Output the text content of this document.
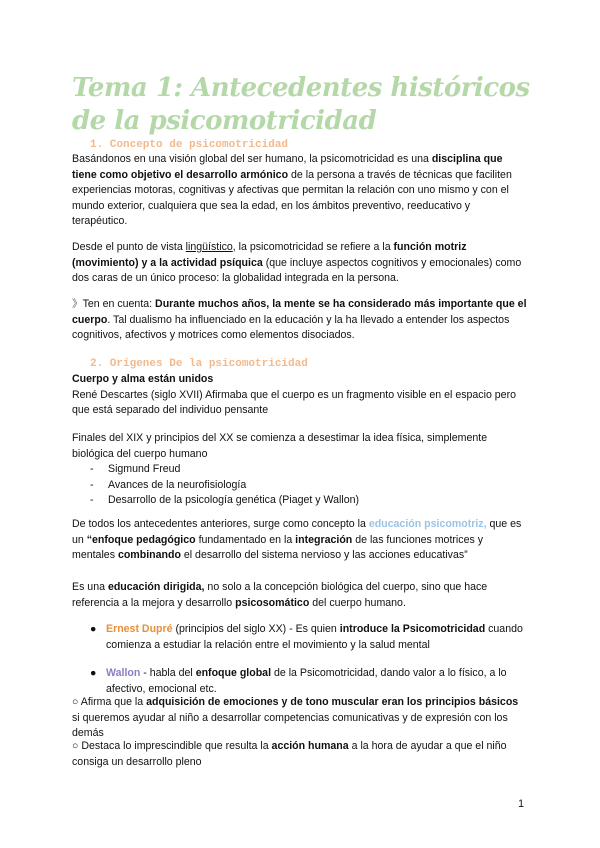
Tema 1: Antecedentes históricos de la psicomotricidad
1. Concepto de psicomotricidad

Basándonos en una visión global del ser humano, la psicomotricidad es una disciplina que tiene como objetivo el desarrollo armónico de la persona a través de técnicas que faciliten experiencias motoras, cognitivas y afectivas que permitan la relación con uno mismo y con el mundo exterior, cualquiera que sea la edad, en los ámbitos preventivo, reeducativo y terapéutico.

Desde el punto de vista lingüístico, la psicomotricidad se refiere a la función motriz (movimiento) y a la actividad psíquica (que incluye aspectos cognitivos y emocionales) como dos caras de un único proceso: la globalidad integrada en la persona.

》Ten en cuenta: Durante muchos años, la mente se ha considerado más importante que el cuerpo. Tal dualismo ha influenciado en la educación y la ha llevado a entender los aspectos cognitivos, afectivos y motrices como elementos disociados.

2. Orígenes De la psicomotricidad

Cuerpo y alma están unidos
René Descartes (siglo XVII) Afirmaba que el cuerpo es un fragmento visible en el espacio pero que está separado del individuo pensante

Finales del XIX y principios del XX se comienza a desestimar la idea física, simplemente biológica del cuerpo humano

- Sigmund Freud
- Avances de la neurofisiología
- Desarrollo de la psicología genética (Piaget y Wallon)

De todos los antecedentes anteriores, surge como concepto la educación psicomotriz, que es un “enfoque pedagógico fundamentado en la integración de las funciones motrices y mentales combinando el desarrollo del sistema nervioso y las acciones educativas”

Es una educación dirigida, no solo a la concepción biológica del cuerpo, sino que hace referencia a la mejora y desarrollo psicosomático del cuerpo humano.

● Ernest Dupré (principios del siglo XX) - Es quien introduce la Psicomotricidad cuando comienza a estudiar la relación entre el movimiento y la salud mental
● Wallon - habla del enfoque global de la Psicomotricidad, dando valor a lo físico, a lo afectivo, emocional etc.

○ Afirma que la adquisición de emociones y de tono muscular eran los principios básicos si queremos ayudar al niño a desarrollar competencias comunicativas y de expresión con los demás

○ Destaca lo imprescindible que resulta la acción humana a la hora de ayudar a que el niño consiga un desarrollo pleno

1
